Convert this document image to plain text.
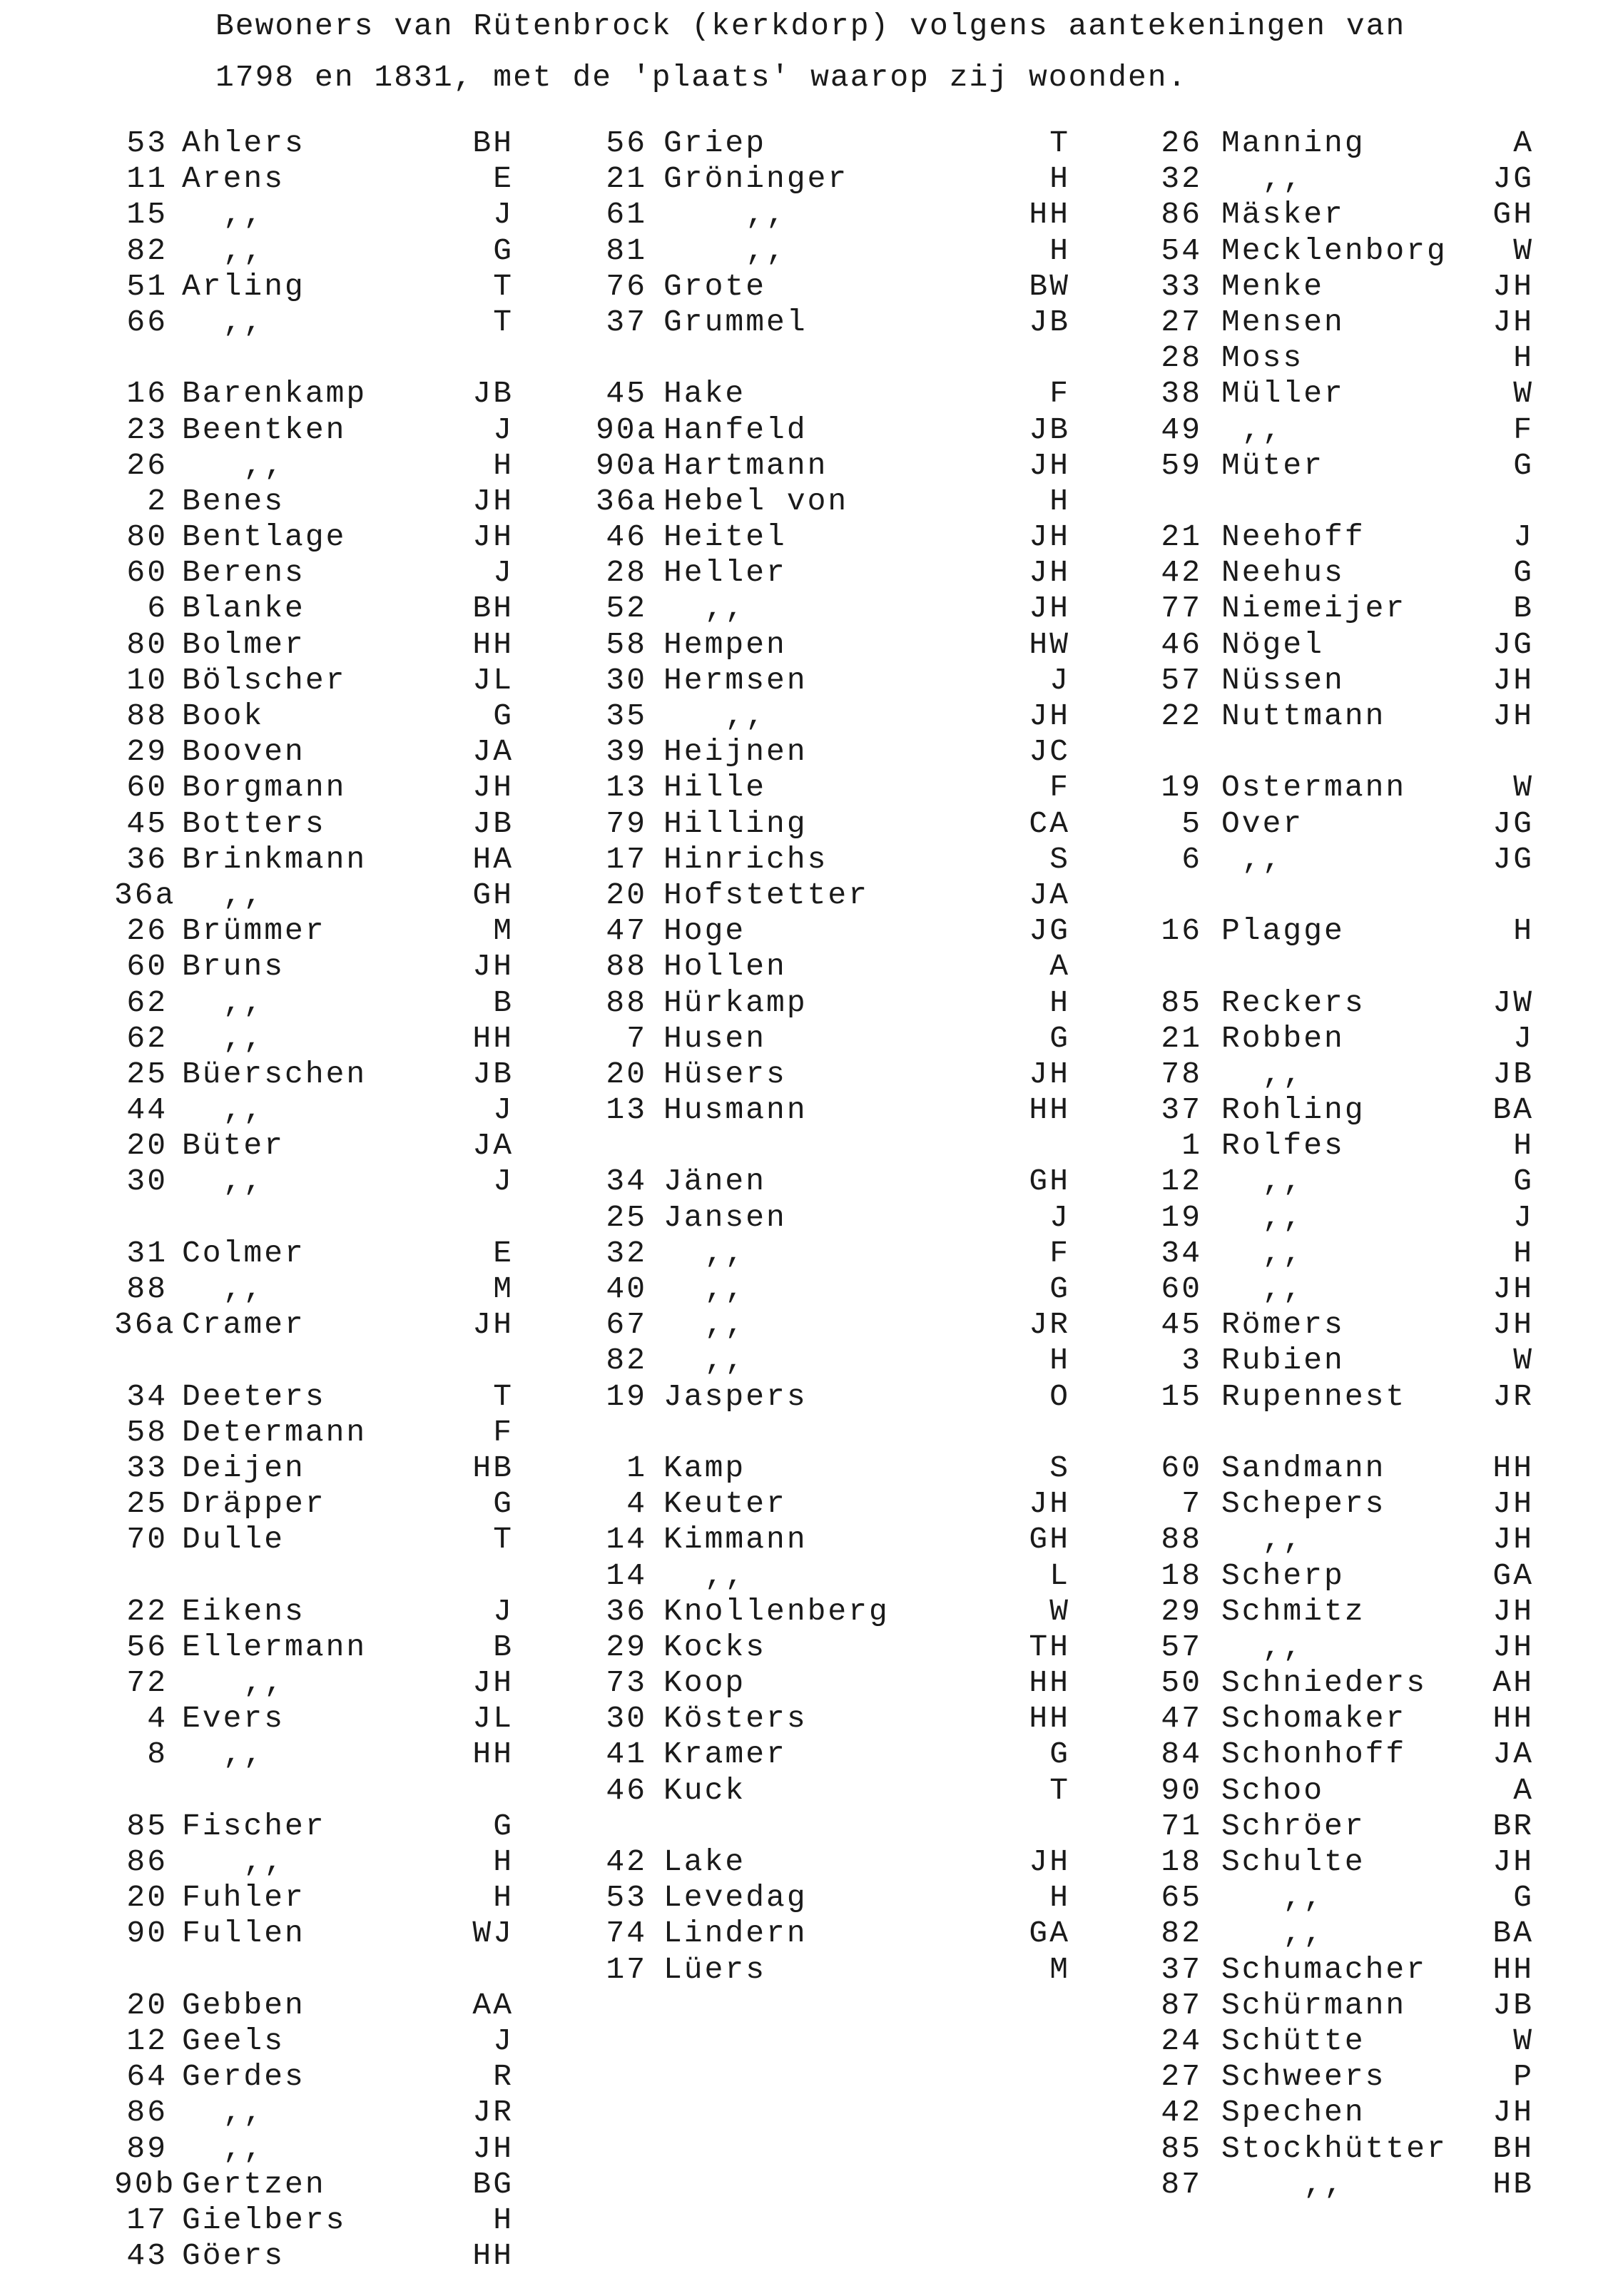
Bewoners van Rütenbrock (kerkdorp) volgens aantekeningen van
1798 en 1831, met de 'plaats' waarop zij woonden.
53 Ahlers	BH
11 Arens	E
15 ,,	J
82 ,,	G
51 Arling	T
66 ,,	T
16 Barenkamp	JB
23 Beentken	J
26 ,,	H
2 Benes	JH
80 Bentlage	JH
60 Berens	J
6 Blanke	BH
80 Bolmer	HH
10 Bölscher	JL
88 Book	G
29 Booven	JA
60 Borgmann	JH
45 Botters	JB
36 Brinkmann	HA
36a ,,	GH
26 Brümmer	M
60 Bruns	JH
62 ,,	B
62 ,,	HH
25 Büerschen	JB
44 ,,	J
20 Büter	JA
30 ,,	J
31 Colmer	E
88 ,,	M
36a Cramer	JH
34 Deeters	T
58 Determann	F
33 Deijen	HB
25 Dräpper	G
70 Dulle	T
22 Eikens	J
56 Ellermann	B
72 ,,	JH
4 Evers	JL
8 ,,	HH
85 Fischer	G
86 ,,	H
20 Fuhler	H
90 Fullen	WJ
20 Gebben	AA
12 Geels	J
64 Gerdes	R
86 ,,	JR
89 ,,	JH
90b Gertzen	BG
17 Gielbers	H
43 Göers	HH
56 Griep	T
21 Gröninger	H
61 ,,	HH
81 ,,	H
76 Grote	BW
37 Grummel	JB
45 Hake	F
90a Hanfeld	JB
90a Hartmann	JH
36a Hebel von	H
46 Heitel	JH
28 Heller	JH
52 ,,	JH
58 Hempen	HW
30 Hermsen	J
35 ,,	JH
39 Heijnen	JC
13 Hille	F
79 Hilling	CA
17 Hinrichs	S
20 Hofstetter	JA
47 Hoge	JG
88 Hollen	A
88 Hürkamp	H
7 Husen	G
20 Hüsers	JH
13 Husmann	HH
34 Jänen	GH
25 Jansen	J
32 ,,	F
40 ,,	G
67 ,,	JR
82 ,,	H
19 Jaspers	O
1 Kamp	S
4 Keuter	JH
14 Kimmann	GH
14 ,,	L
36 Knollenberg	W
29 Kocks	TH
73 Koop	HH
30 Kösters	HH
41 Kramer	G
46 Kuck	T
42 Lake	JH
53 Levedag	H
74 Lindern	GA
17 Lüers	M
26 Manning	A
32 ,,	JG
86 Mäsker	GH
54 Mecklenborg W
33 Menke	JH
27 Mensen	JH
28 Moss	H
38 Müller	W
49 ,,	F
59 Müter	G
21 Neehoff	J
42 Neehus	G
77 Niemeijer	B
46 Nögel	JG
57 Nüssen	JH
22 Nuttmann	JH
19 Ostermann	W
5 Over	JG
6 ,,	JG
16 Plagge	H
85 Reckers	JW
21 Robben	J
78 ,,	JB
37 Rohling	BA
1 Rolfes	H
12 ,,	G
19 ,,	J
34 ,,	H
60 ,,	JH
45 Römers	JH
3 Rubien	W
15 Rupennest	JR
60 Sandmann	HH
7 Schepers	JH
88 ,,	JH
18 Scherp	GA
29 Schmitz	JH
57 ,,	JH
50 Schnieders AH
47 Schomaker	HH
84 Schonhoff	JA
90 Schoo	A
71 Schröer	BR
18 Schulte	JH
65 ,,	G
82 ,,	BA
37 Schumacher HH
87 Schürmann	JB
24 Schütte	W
27 Schweers	P
42 Spechen	JH
85 Stockhütter BH
87 ,,	HB
